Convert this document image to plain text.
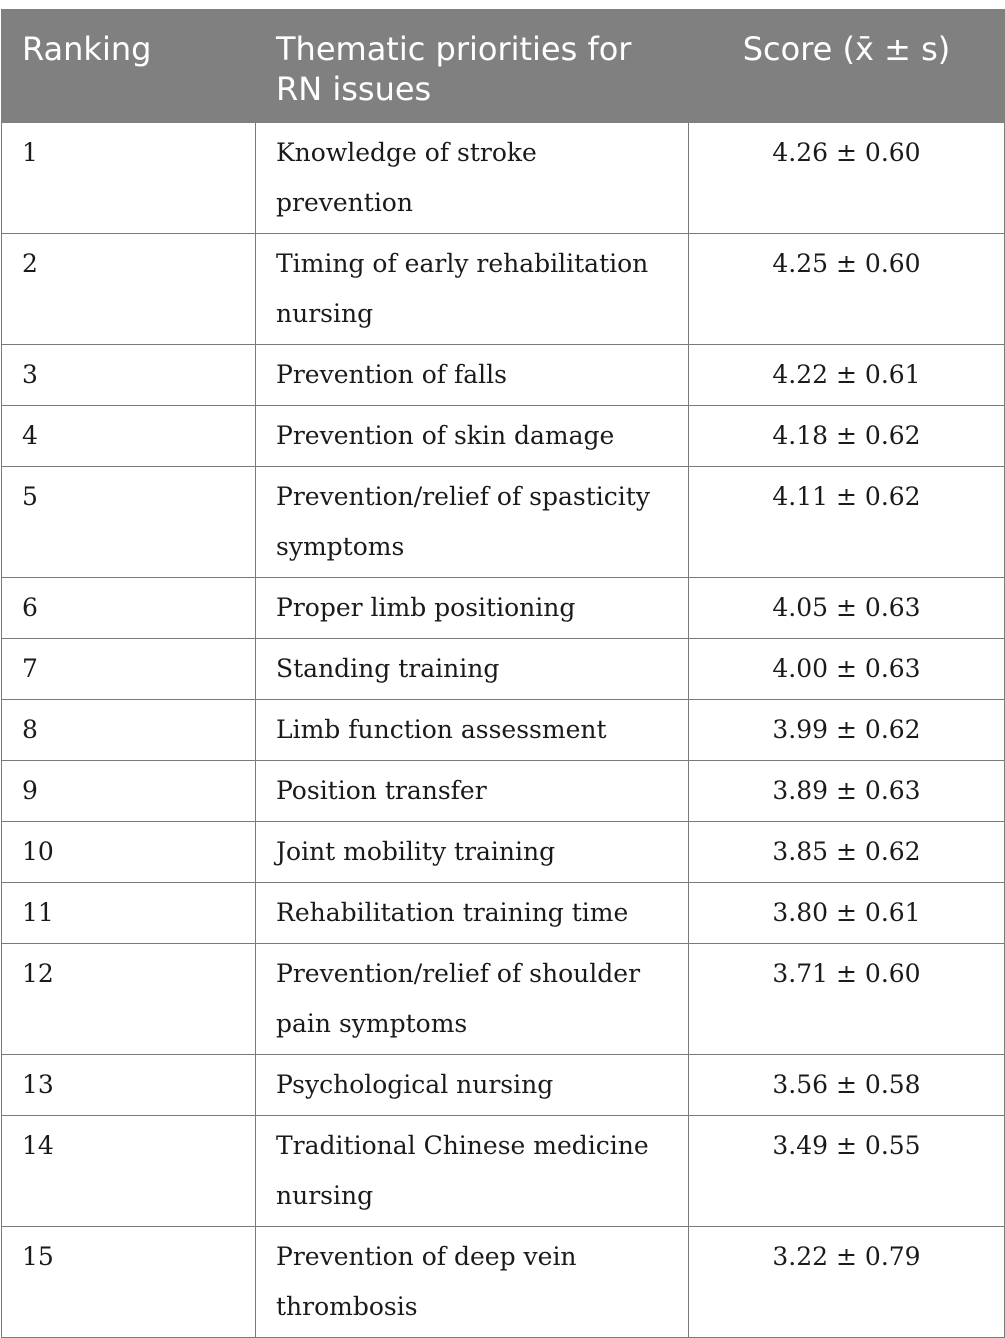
Ranking	Thematic priorities for RN issues	Score (x̄ ± s)
1	Knowledge of stroke prevention	4.26 ± 0.60
2	Timing of early rehabilitation nursing	4.25 ± 0.60
3	Prevention of falls	4.22 ± 0.61
4	Prevention of skin damage	4.18 ± 0.62
5	Prevention/relief of spasticity symptoms	4.11 ± 0.62
6	Proper limb positioning	4.05 ± 0.63
7	Standing training	4.00 ± 0.63
8	Limb function assessment	3.99 ± 0.62
9	Position transfer	3.89 ± 0.63
10	Joint mobility training	3.85 ± 0.62
11	Rehabilitation training time	3.80 ± 0.61
12	Prevention/relief of shoulder pain symptoms	3.71 ± 0.60
13	Psychological nursing	3.56 ± 0.58
14	Traditional Chinese medicine nursing	3.49 ± 0.55
15	Prevention of deep vein thrombosis	3.22 ± 0.79
